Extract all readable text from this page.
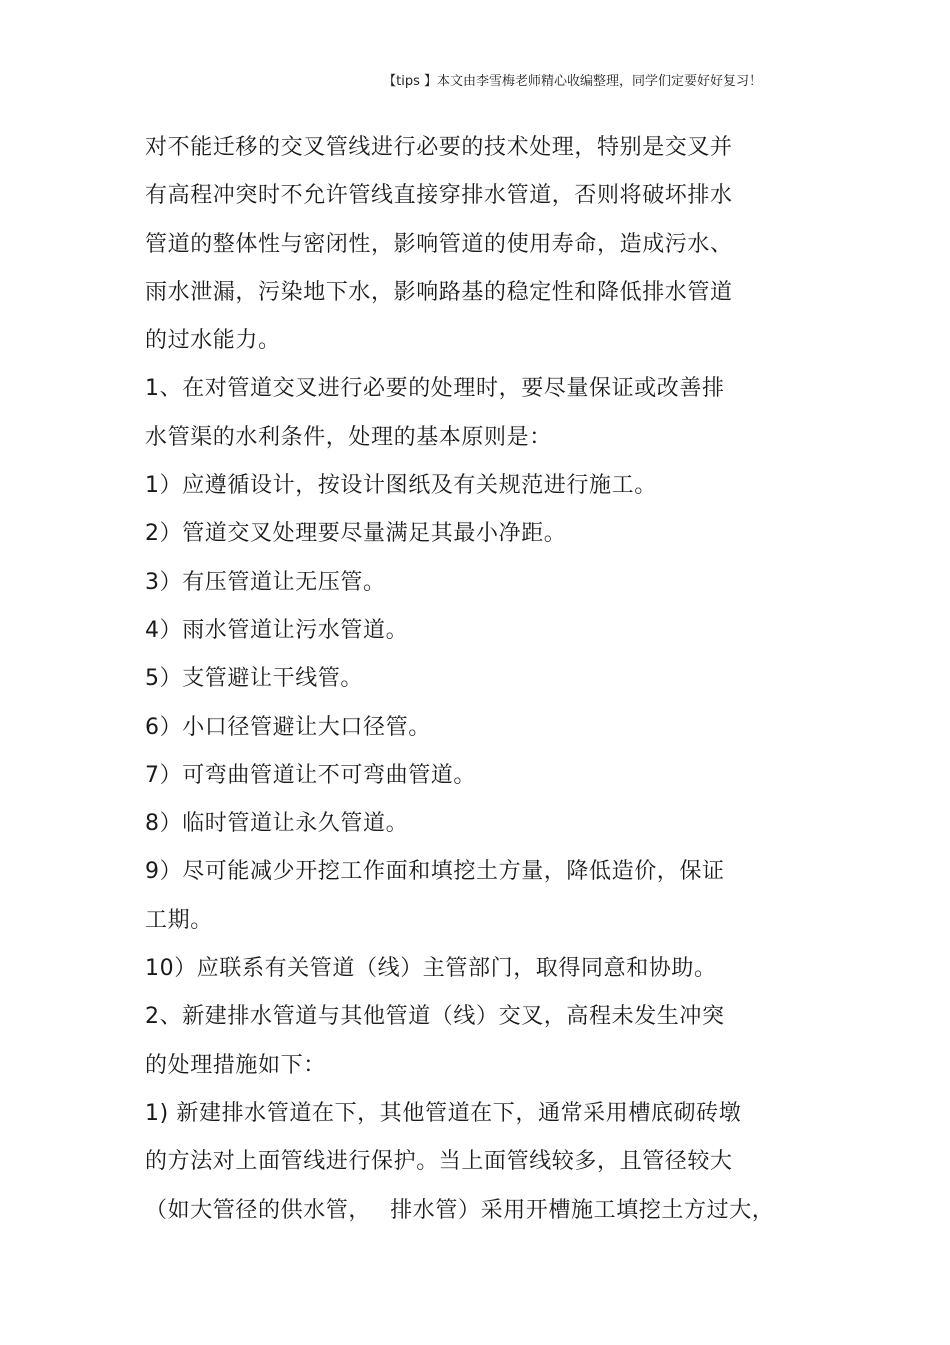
【tips 】本文由李雪梅老师精心收编整理，同学们定要好好复习！
对不能迁移的交叉管线进行必要的技术处理，特别是交叉并
有高程冲突时不允许管线直接穿排水管道，否则将破坏排水
管道的整体性与密闭性，影响管道的使用寿命，造成污水、
雨水泄漏，污染地下水，影响路基的稳定性和降低排水管道
的过水能力。
1、在对管道交叉进行必要的处理时，要尽量保证或改善排
水管渠的水利条件，处理的基本原则是：
1）应遵循设计，按设计图纸及有关规范进行施工。
2）管道交叉处理要尽量满足其最小净距。
3）有压管道让无压管。
4）雨水管道让污水管道。
5）支管避让干线管。
6）小口径管避让大口径管。
7）可弯曲管道让不可弯曲管道。
8）临时管道让永久管道。
9）尽可能减少开挖工作面和填挖土方量，降低造价，保证
工期。
10）应联系有关管道（线）主管部门，取得同意和协助。
2、新建排水管道与其他管道（线）交叉，高程未发生冲突
的处理措施如下：
1) 新建排水管道在下，其他管道在下，通常采用槽底砌砖墩
的方法对上面管线进行保护。当上面管线较多，且管径较大
（如大管径的供水管，　 排水管）采用开槽施工填挖土方过大，
